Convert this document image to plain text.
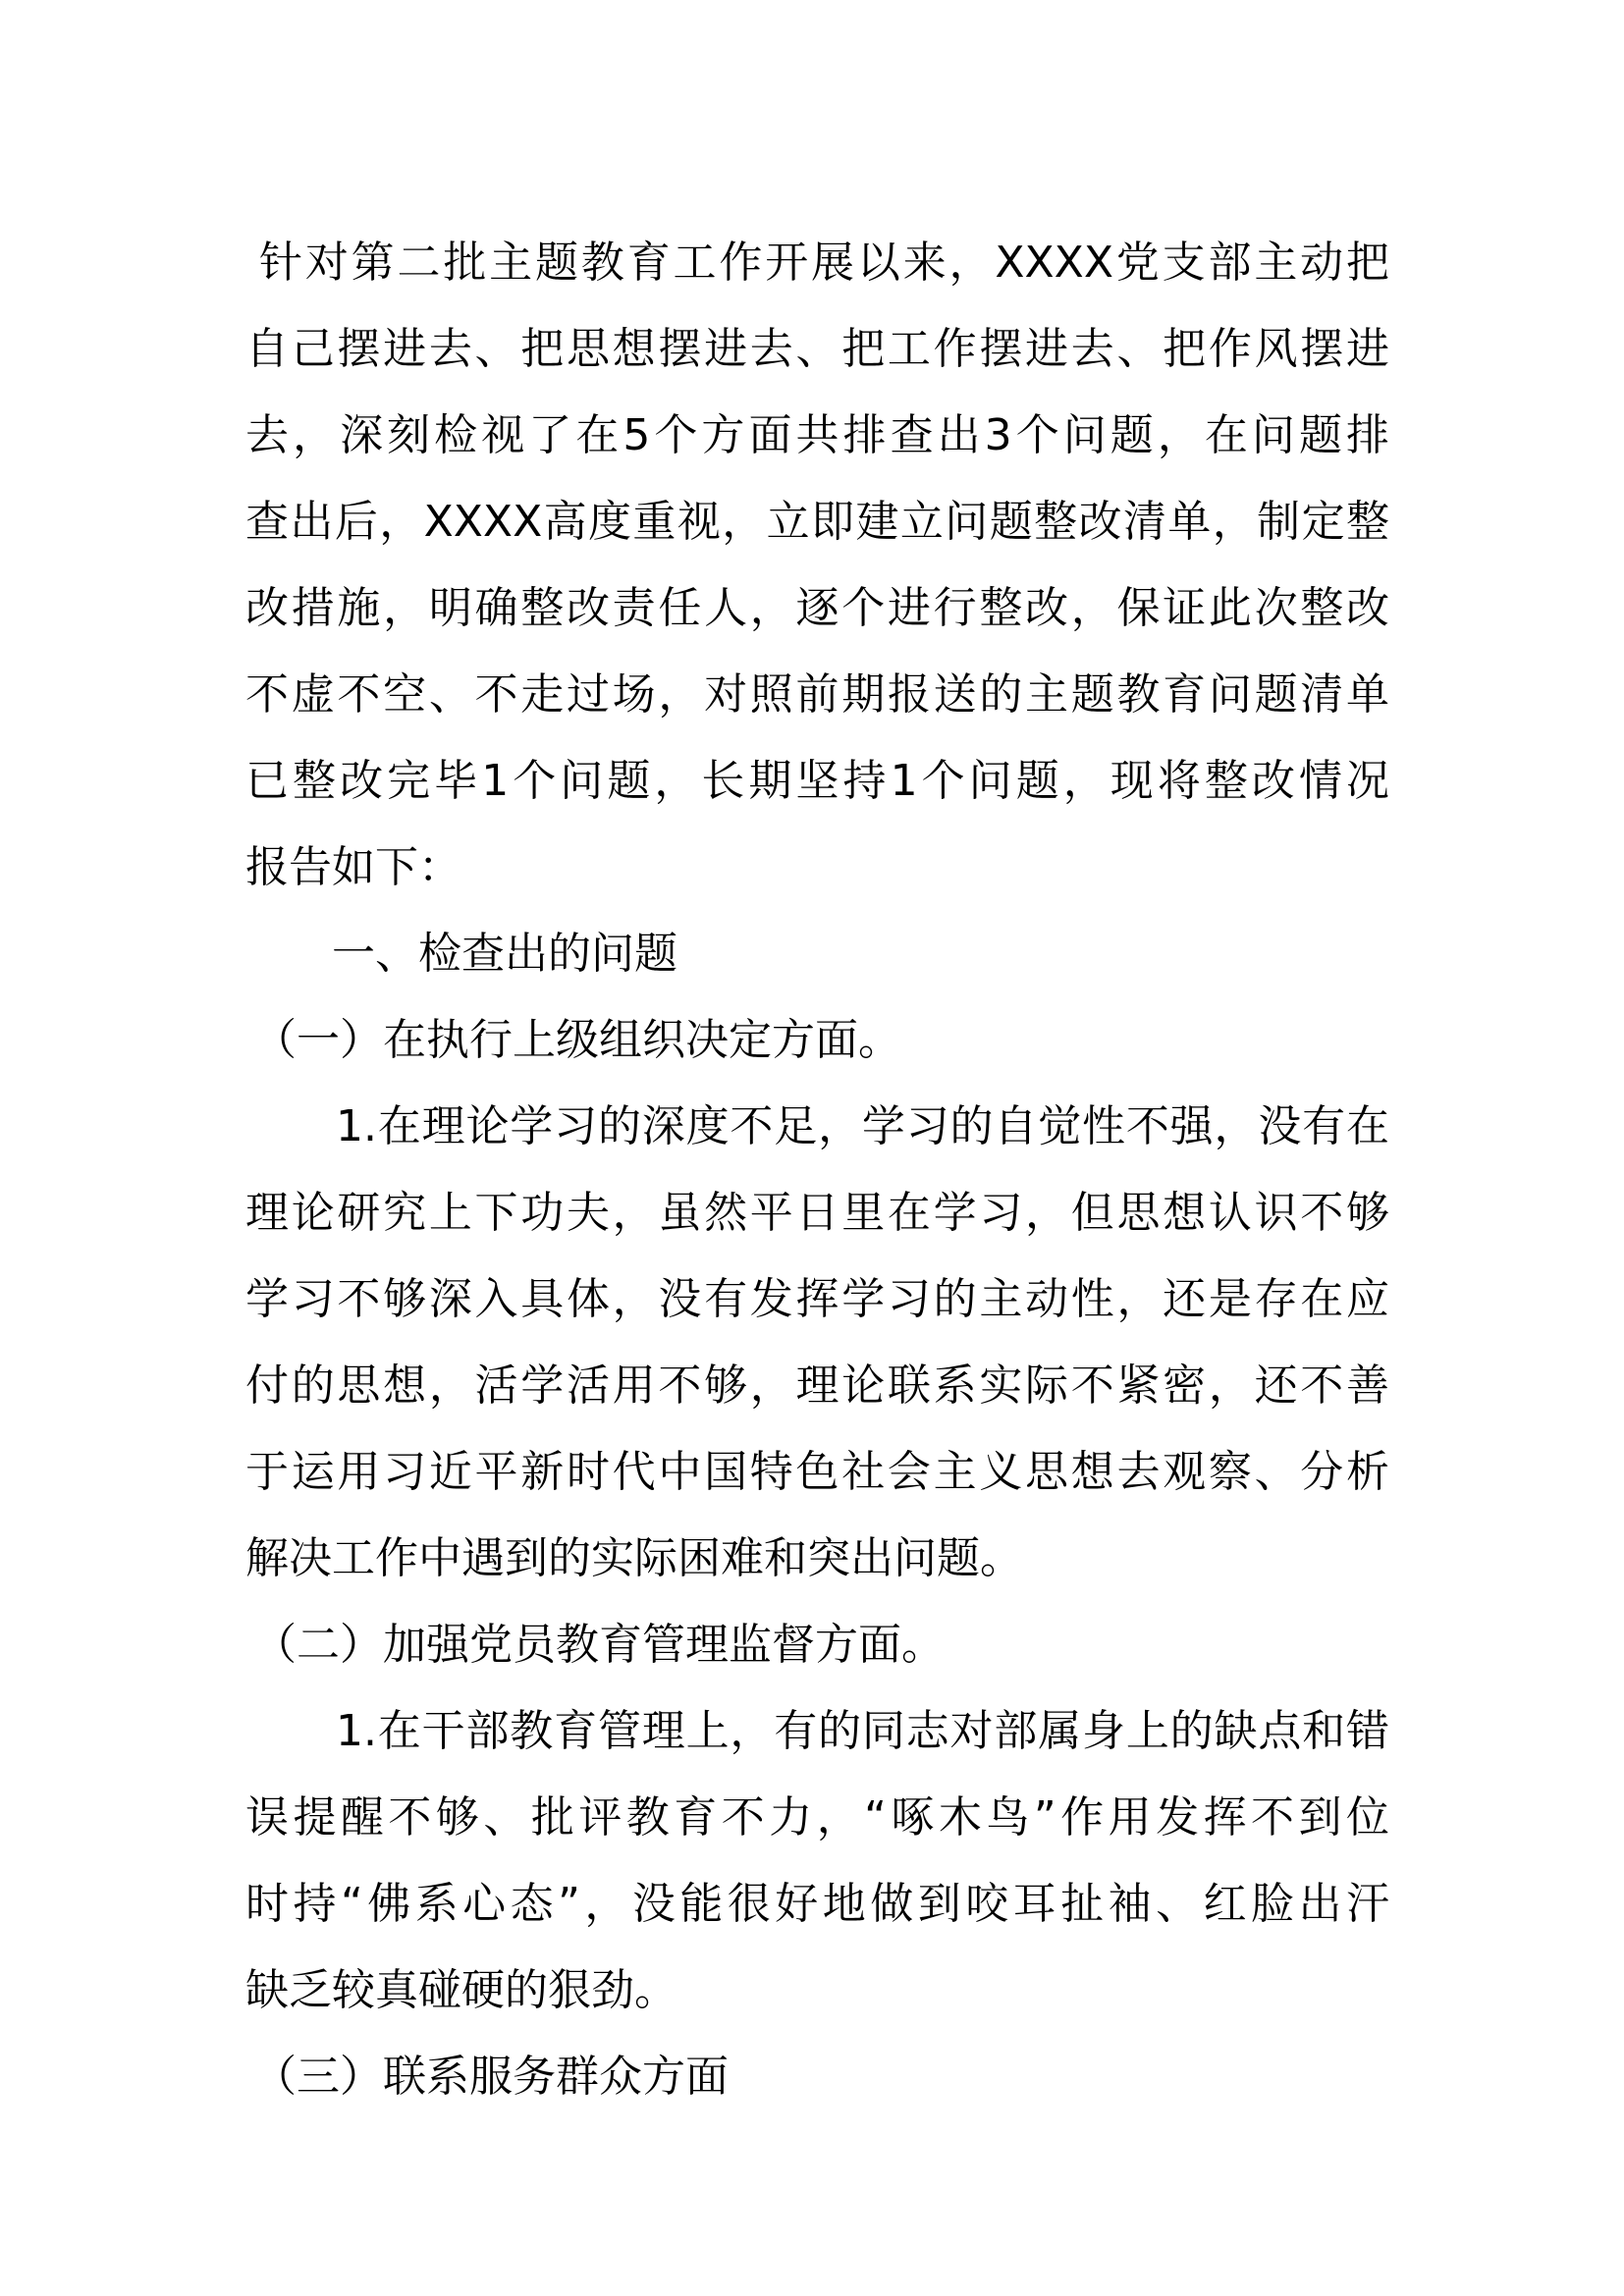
针对第二批主题教育工作开展以来，XXXX党支部主动把
自己摆进去、把思想摆进去、把工作摆进去、把作风摆进
去，深刻检视了在5个方面共排查出3个问题，在问题排
查出后，XXXX高度重视，立即建立问题整改清单，制定整
改措施，明确整改责任人，逐个进行整改，保证此次整改
不虚不空、不走过场，对照前期报送的主题教育问题清单
已整改完毕1个问题，长期坚持1个问题，现将整改情况
报告如下：
一、检查出的问题
（一）在执行上级组织决定方面。
1.在理论学习的深度不足，学习的自觉性不强，没有在
理论研究上下功夫，虽然平日里在学习，但思想认识不够
学习不够深入具体，没有发挥学习的主动性，还是存在应
付的思想，活学活用不够，理论联系实际不紧密，还不善
于运用习近平新时代中国特色社会主义思想去观察、分析
解决工作中遇到的实际困难和突出问题。
（二）加强党员教育管理监督方面。
1.在干部教育管理上，有的同志对部属身上的缺点和错
误提醒不够、批评教育不力，“啄木鸟”作用发挥不到位
时持“佛系心态”，没能很好地做到咬耳扯袖、红脸出汗
缺乏较真碰硬的狠劲。
（三）联系服务群众方面
